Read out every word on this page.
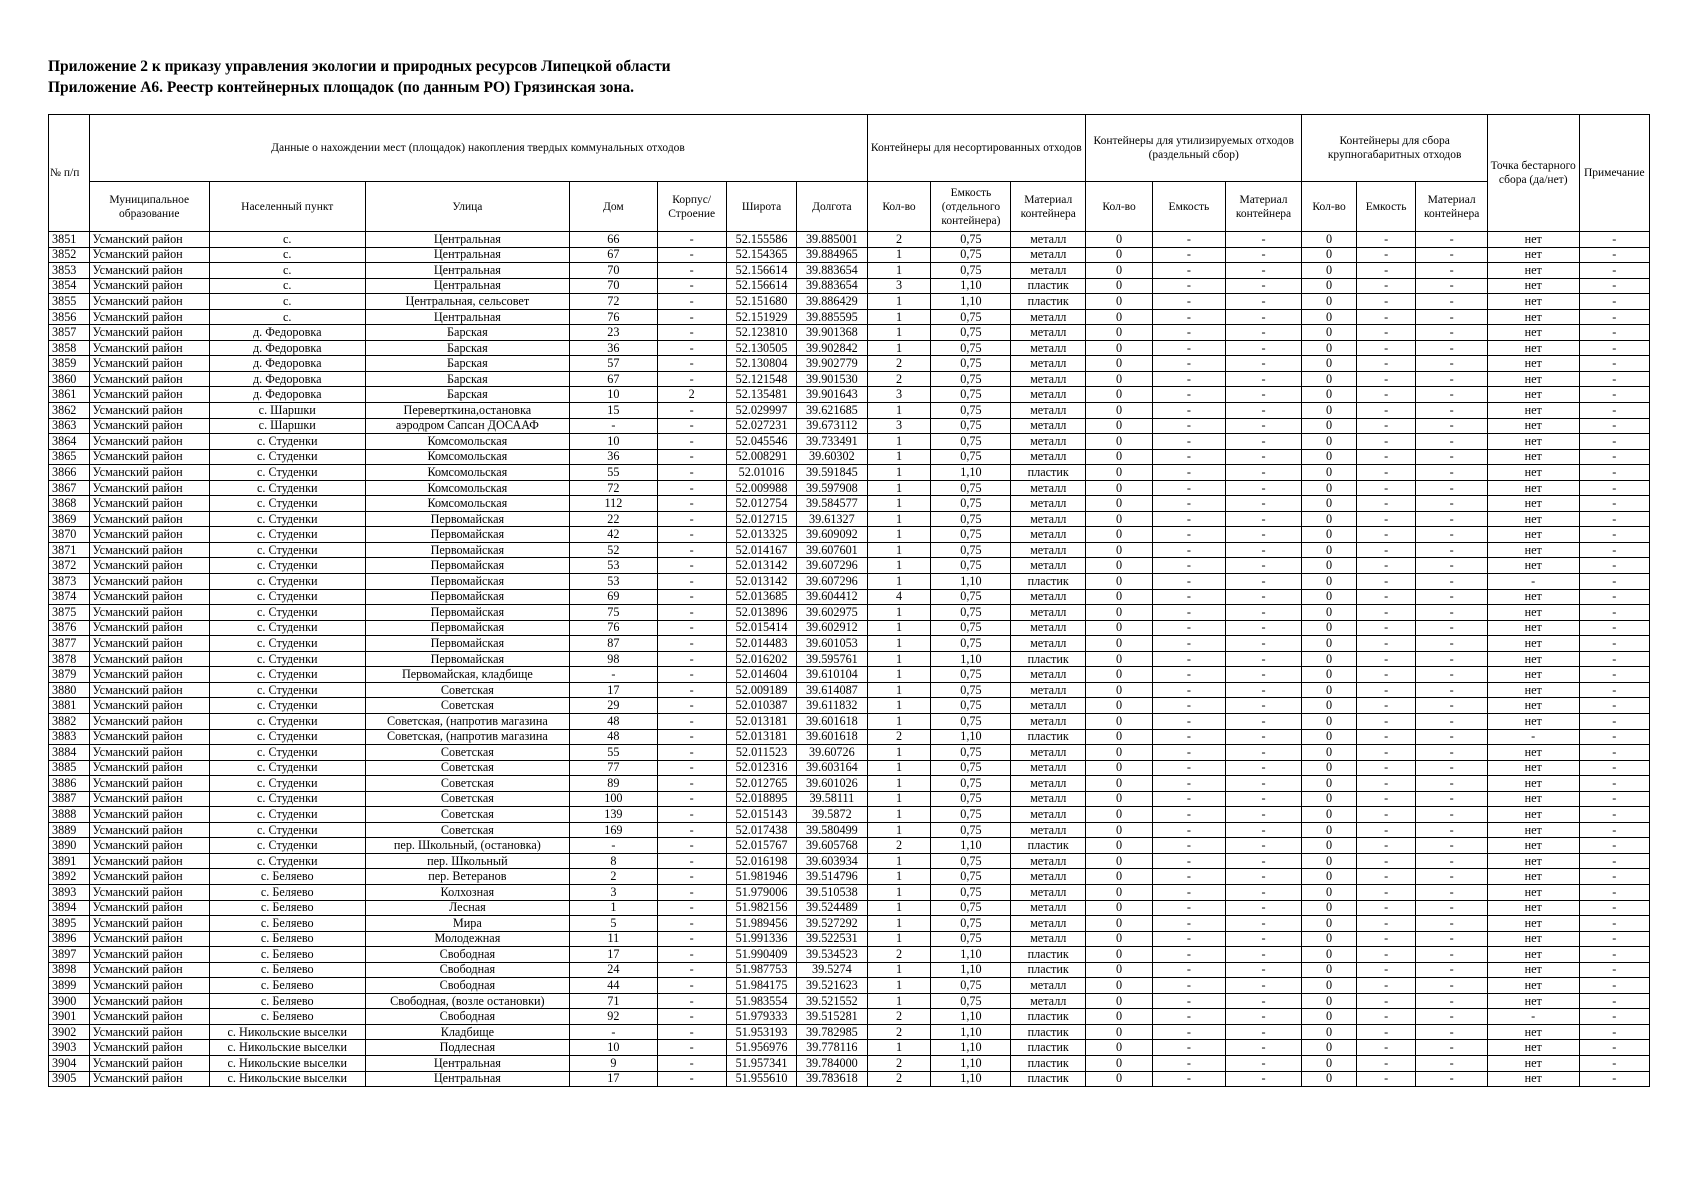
Приложение 2 к приказу управления экологии и природных ресурсов Липецкой области
Приложение А6. Реестр контейнерных площадок (по данным РО) Грязинская зона.
№ п/п	Данные о нахождении мест (площадок) накопления твердых коммунальных отходов							Контейнеры для несортированных отходов			Контейнеры для утилизируемых отходов (раздельный сбор)			Контейнеры для сбора крупногабаритных отходов			Точка бестарного сбора (да/нет)	Примечание
	Муниципальное образование	Населенный пункт	Улица	Дом	Корпус/ Строение	Широта	Долгота	Кол-во	Емкость (отдельного контейнера)	Материал контейнера	Кол-во	Емкость	Материал контейнера	Кол-во	Емкость	Материал контейнера		
3851	Усманский район	с.	Центральная	66	-	52.155586	39.885001	2	0,75	металл	0	-	-	0	-	-	нет	-
3852	Усманский район	с.	Центральная	67	-	52.154365	39.884965	1	0,75	металл	0	-	-	0	-	-	нет	-
3853	Усманский район	с.	Центральная	70	-	52.156614	39.883654	1	0,75	металл	0	-	-	0	-	-	нет	-
3854	Усманский район	с.	Центральная	70	-	52.156614	39.883654	3	1,10	пластик	0	-	-	0	-	-	нет	-
3855	Усманский район	с.	Центральная, сельсовет	72	-	52.151680	39.886429	1	1,10	пластик	0	-	-	0	-	-	нет	-
3856	Усманский район	с.	Центральная	76	-	52.151929	39.885595	1	0,75	металл	0	-	-	0	-	-	нет	-
3857	Усманский район	д. Федоровка	Барская	23	-	52.123810	39.901368	1	0,75	металл	0	-	-	0	-	-	нет	-
3858	Усманский район	д. Федоровка	Барская	36	-	52.130505	39.902842	1	0,75	металл	0	-	-	0	-	-	нет	-
3859	Усманский район	д. Федоровка	Барская	57	-	52.130804	39.902779	2	0,75	металл	0	-	-	0	-	-	нет	-
3860	Усманский район	д. Федоровка	Барская	67	-	52.121548	39.901530	2	0,75	металл	0	-	-	0	-	-	нет	-
3861	Усманский район	д. Федоровка	Барская	10	2	52.135481	39.901643	3	0,75	металл	0	-	-	0	-	-	нет	-
3862	Усманский район	с. Шаршки	Переверткина,остановка	15	-	52.029997	39.621685	1	0,75	металл	0	-	-	0	-	-	нет	-
3863	Усманский район	с. Шаршки	аэродром Сапсан ДОСААФ	-	-	52.027231	39.673112	3	0,75	металл	0	-	-	0	-	-	нет	-
3864	Усманский район	с. Студенки	Комсомольская	10	-	52.045546	39.733491	1	0,75	металл	0	-	-	0	-	-	нет	-
3865	Усманский район	с. Студенки	Комсомольская	36	-	52.008291	39.60302	1	0,75	металл	0	-	-	0	-	-	нет	-
3866	Усманский район	с. Студенки	Комсомольская	55	-	52.01016	39.591845	1	1,10	пластик	0	-	-	0	-	-	нет	-
3867	Усманский район	с. Студенки	Комсомольская	72	-	52.009988	39.597908	1	0,75	металл	0	-	-	0	-	-	нет	-
3868	Усманский район	с. Студенки	Комсомольская	112	-	52.012754	39.584577	1	0,75	металл	0	-	-	0	-	-	нет	-
3869	Усманский район	с. Студенки	Первомайская	22	-	52.012715	39.61327	1	0,75	металл	0	-	-	0	-	-	нет	-
3870	Усманский район	с. Студенки	Первомайская	42	-	52.013325	39.609092	1	0,75	металл	0	-	-	0	-	-	нет	-
3871	Усманский район	с. Студенки	Первомайская	52	-	52.014167	39.607601	1	0,75	металл	0	-	-	0	-	-	нет	-
3872	Усманский район	с. Студенки	Первомайская	53	-	52.013142	39.607296	1	0,75	металл	0	-	-	0	-	-	нет	-
3873	Усманский район	с. Студенки	Первомайская	53	-	52.013142	39.607296	1	1,10	пластик	0	-	-	0	-	-	-	-
3874	Усманский район	с. Студенки	Первомайская	69	-	52.013685	39.604412	4	0,75	металл	0	-	-	0	-	-	нет	-
3875	Усманский район	с. Студенки	Первомайская	75	-	52.013896	39.602975	1	0,75	металл	0	-	-	0	-	-	нет	-
3876	Усманский район	с. Студенки	Первомайская	76	-	52.015414	39.602912	1	0,75	металл	0	-	-	0	-	-	нет	-
3877	Усманский район	с. Студенки	Первомайская	87	-	52.014483	39.601053	1	0,75	металл	0	-	-	0	-	-	нет	-
3878	Усманский район	с. Студенки	Первомайская	98	-	52.016202	39.595761	1	1,10	пластик	0	-	-	0	-	-	нет	-
3879	Усманский район	с. Студенки	Первомайская, кладбище	-	-	52.014604	39.610104	1	0,75	металл	0	-	-	0	-	-	нет	-
3880	Усманский район	с. Студенки	Советская	17	-	52.009189	39.614087	1	0,75	металл	0	-	-	0	-	-	нет	-
3881	Усманский район	с. Студенки	Советская	29	-	52.010387	39.611832	1	0,75	металл	0	-	-	0	-	-	нет	-
3882	Усманский район	с. Студенки	Советская, (напротив магазина	48	-	52.013181	39.601618	1	0,75	металл	0	-	-	0	-	-	нет	-
3883	Усманский район	с. Студенки	Советская, (напротив магазина	48	-	52.013181	39.601618	2	1,10	пластик	0	-	-	0	-	-	-	-
3884	Усманский район	с. Студенки	Советская	55	-	52.011523	39.60726	1	0,75	металл	0	-	-	0	-	-	нет	-
3885	Усманский район	с. Студенки	Советская	77	-	52.012316	39.603164	1	0,75	металл	0	-	-	0	-	-	нет	-
3886	Усманский район	с. Студенки	Советская	89	-	52.012765	39.601026	1	0,75	металл	0	-	-	0	-	-	нет	-
3887	Усманский район	с. Студенки	Советская	100	-	52.018895	39.58111	1	0,75	металл	0	-	-	0	-	-	нет	-
3888	Усманский район	с. Студенки	Советская	139	-	52.015143	39.5872	1	0,75	металл	0	-	-	0	-	-	нет	-
3889	Усманский район	с. Студенки	Советская	169	-	52.017438	39.580499	1	0,75	металл	0	-	-	0	-	-	нет	-
3890	Усманский район	с. Студенки	пер. Школьный, (остановка)	-	-	52.015767	39.605768	2	1,10	пластик	0	-	-	0	-	-	нет	-
3891	Усманский район	с. Студенки	пер. Школьный	8	-	52.016198	39.603934	1	0,75	металл	0	-	-	0	-	-	нет	-
3892	Усманский район	с. Беляево	пер. Ветеранов	2	-	51.981946	39.514796	1	0,75	металл	0	-	-	0	-	-	нет	-
3893	Усманский район	с. Беляево	Колхозная	3	-	51.979006	39.510538	1	0,75	металл	0	-	-	0	-	-	нет	-
3894	Усманский район	с. Беляево	Лесная	1	-	51.982156	39.524489	1	0,75	металл	0	-	-	0	-	-	нет	-
3895	Усманский район	с. Беляево	Мира	5	-	51.989456	39.527292	1	0,75	металл	0	-	-	0	-	-	нет	-
3896	Усманский район	с. Беляево	Молодежная	11	-	51.991336	39.522531	1	0,75	металл	0	-	-	0	-	-	нет	-
3897	Усманский район	с. Беляево	Свободная	17	-	51.990409	39.534523	2	1,10	пластик	0	-	-	0	-	-	нет	-
3898	Усманский район	с. Беляево	Свободная	24	-	51.987753	39.5274	1	1,10	пластик	0	-	-	0	-	-	нет	-
3899	Усманский район	с. Беляево	Свободная	44	-	51.984175	39.521623	1	0,75	металл	0	-	-	0	-	-	нет	-
3900	Усманский район	с. Беляево	Свободная, (возле остановки)	71	-	51.983554	39.521552	1	0,75	металл	0	-	-	0	-	-	нет	-
3901	Усманский район	с. Беляево	Свободная	92	-	51.979333	39.515281	2	1,10	пластик	0	-	-	0	-	-	-	-
3902	Усманский район	с. Никольские выселки	Кладбище	-	-	51.953193	39.782985	2	1,10	пластик	0	-	-	0	-	-	нет	-
3903	Усманский район	с. Никольские выселки	Подлесная	10	-	51.956976	39.778116	1	1,10	пластик	0	-	-	0	-	-	нет	-
3904	Усманский район	с. Никольские выселки	Центральная	9	-	51.957341	39.784000	2	1,10	пластик	0	-	-	0	-	-	нет	-
3905	Усманский район	с. Никольские выселки	Центральная	17	-	51.955610	39.783618	2	1,10	пластик	0	-	-	0	-	-	нет	-
